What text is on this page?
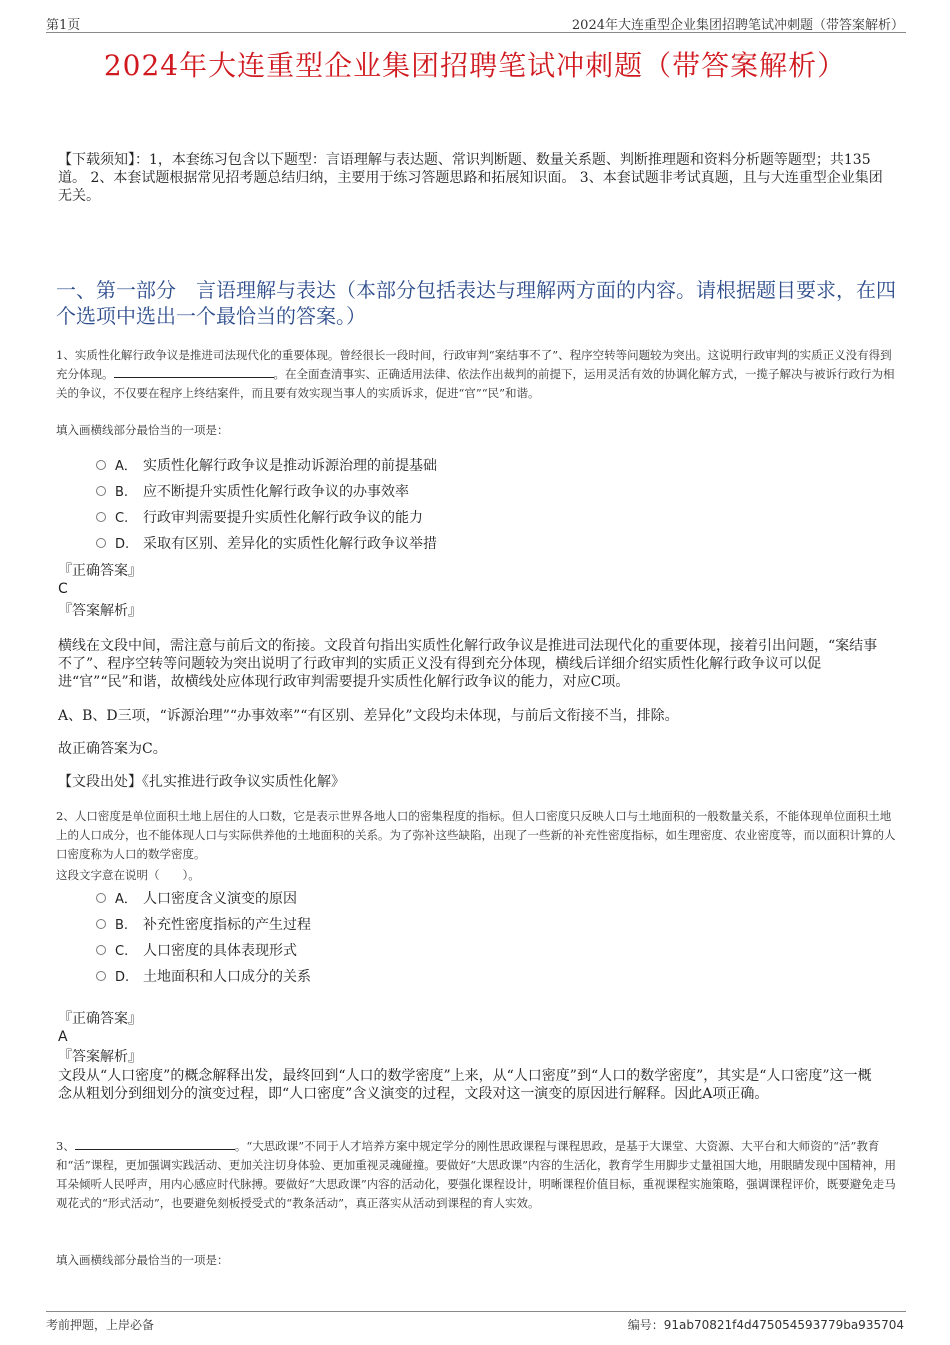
第1页	2024年大连重型企业集团招聘笔试冲刺题（带答案解析）
2024年大连重型企业集团招聘笔试冲刺题（带答案解析）
【下载须知】：1，本套练习包含以下题型：言语理解与表达题、常识判断题、数量关系题、判断推理题和资料分析题等题型；共135道。 2、本套试题根据常见招考题总结归纳，主要用于练习答题思路和拓展知识面。 3、本套试题非考试真题，且与大连重型企业集团无关。
一、第一部分　言语理解与表达（本部分包括表达与理解两方面的内容。请根据题目要求，在四个选项中选出一个最恰当的答案。）
1、实质性化解行政争议是推进司法现代化的重要体现。曾经很长一段时间，行政审判“案结事不了”、程序空转等问题较为突出。这说明行政审判的实质正义没有得到充分体现。	。在全面查清事实、正确适用法律、依法作出裁判的前提下，运用灵活有效的协调化解方式，一揽子解决与被诉行政行为相关的争议，不仅要在程序上终结案件，而且要有效实现当事人的实质诉求，促进“官”“民”和谐。
填入画横线部分最恰当的一项是：
A． 实质性化解行政争议是推动诉源治理的前提基础
B. 应不断提升实质性化解行政争议的办事效率
C. 行政审判需要提升实质性化解行政争议的能力
D. 采取有区别、差异化的实质性化解行政争议举措
『正确答案』
C
『答案解析』
横线在文段中间，需注意与前后文的衔接。文段首句指出实质性化解行政争议是推进司法现代化的重要体现，接着引出问题，“案结事不了”、程序空转等问题较为突出说明了行政审判的实质正义没有得到充分体现，横线后详细介绍实质性化解行政争议可以促进“官”“民”和谐，故横线处应体现行政审判需要提升实质性化解行政争议的能力，对应C项。
A、B、D三项，“诉源治理”“办事效率”“有区别、差异化”文段均未体现，与前后文衔接不当，排除。
故正确答案为C。
【文段出处】《扎实推进行政争议实质性化解》
2、人口密度是单位面积土地上居住的人口数，它是表示世界各地人口的密集程度的指标。但人口密度只反映人口与土地面积的一般数量关系，不能体现单位面积土地上的人口成分，也不能体现人口与实际供养他的土地面积的关系。为了弥补这些缺陷，出现了一些新的补充性密度指标，如生理密度、农业密度等，而以面积计算的人口密度称为人口的数学密度。
这段文字意在说明（　　）。
A． 人口密度含义演变的原因
B. 补充性密度指标的产生过程
C. 人口密度的具体表现形式
D. 土地面积和人口成分的关系
『正确答案』
A
『答案解析』
文段从“人口密度”的概念解释出发，最终回到“人口的数学密度”上来，从“人口密度”到“人口的数学密度”，其实是“人口密度”这一概念从粗划分到细划分的演变过程，即“人口密度”含义演变的过程，文段对这一演变的原因进行解释。因此A项正确。
3、	。“大思政课”不同于人才培养方案中规定学分的刚性思政课程与课程思政，是基于大课堂、大资源、大平台和大师资的“活”教育和“活”课程，更加强调实践活动、更加关注切身体验、更加重视灵魂碰撞。要做好“大思政课”内容的生活化，教育学生用脚步丈量祖国大地，用眼睛发现中国精神，用耳朵倾听人民呼声，用内心感应时代脉搏。要做好“大思政课”内容的活动化，要强化课程设计，明晰课程价值目标，重视课程实施策略，强调课程评价，既要避免走马观花式的“形式活动”，也要避免刻板授受式的“教条活动”，真正落实从活动到课程的育人实效。
填入画横线部分最恰当的一项是：
考前押题，上岸必备	编号：91ab70821f4d475054593779ba935704
